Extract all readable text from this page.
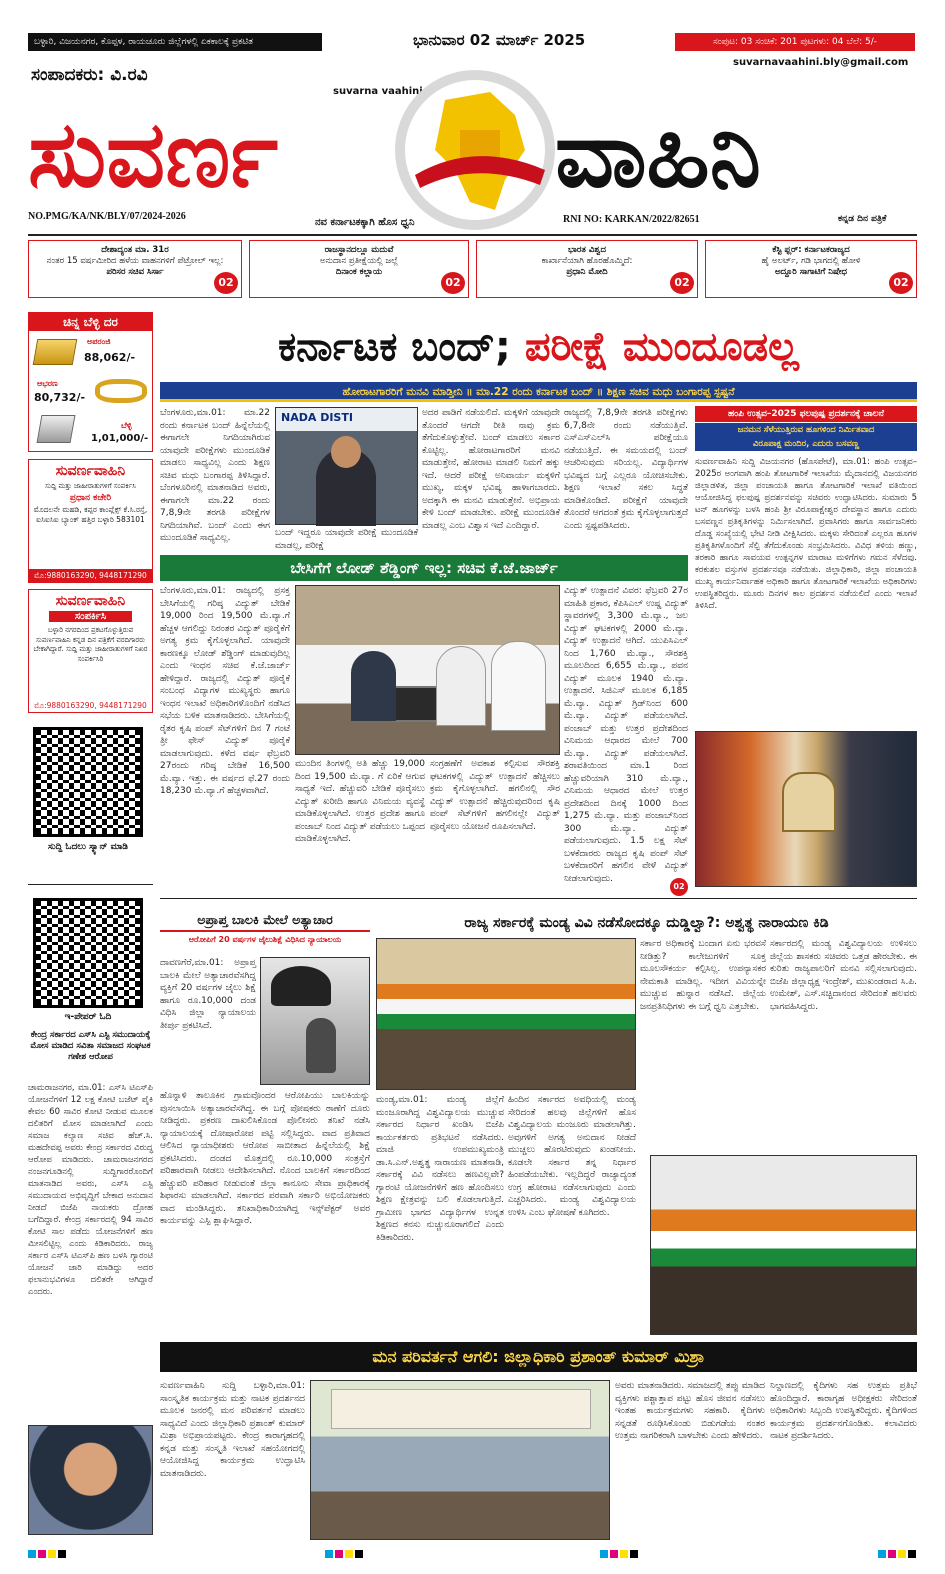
ಬಳ್ಳಾರಿ, ವಿಜಯನಗರ, ಕೊಪ್ಪಳ, ರಾಯಚೂರು ಜಿಲ್ಲೆಗಳಲ್ಲಿ ಏಕಕಾಲಕ್ಕೆ ಪ್ರಕಟಿತ	ಭಾನುವಾರ 02 ಮಾರ್ಚ್ 2025	ಸಂಪುಟ: 03 ಸಂಚಿಕೆ: 201 ಪುಟಗಳು: 04 ಬೆಲೆ: 5/-
suvarnavaahini.bly@gmail.com
ಸಂಪಾದಕರು: ವಿ.ರವಿ
suvarna vaahini
ಸುವರ್ಣ	ವಾಹಿನಿ
NO.PMG/KA/NK/BLY/07/2024-2026
ನವ ಕರ್ನಾಟಕಕ್ಕಾಗಿ ಹೊಸ ಧ್ವನಿ	RNI NO: KARKAN/2022/82651	ಕನ್ನಡ ದಿನ ಪತ್ರಿಕೆ
ದೇಶಾದ್ಯಂತ ಮಾ. 31ರ
ನಂತರ 15 ವರ್ಷಮೀರಿದ ಹಳೆಯ ವಾಹನಗಳಿಗೆ ಪೆಟ್ರೋಲ್ ಇಲ್ಲ:
ಪರಿಸರ ಸಚಿವ ಸಿರ್ಸಾ
02
ರಾಜಸ್ಥಾನದಲ್ಲೂ ಮದುವೆ
ಅನುದಾನ ಪ್ರತೀಕ್ಷೆಯಲ್ಲಿ ಜಲ್ಲೆ
ದಿನಾಂಕ ಕಲ್ಲಾಯ
02
ಭಾರತ ವಿಶ್ವದ
ಕಾರ್ಖಾನೆಯಾಗಿ ಹೊರಹೊಮ್ಮಿದೆ:
ಪ್ರಧಾನಿ ಮೋದಿ
02
ಕೆಸ್ಟಿ ಫ್ಲರ್: ಕರ್ನಾಟಕರಾಜ್ಯದ
ಹೈ ಅಲರ್ಟ್, ಗಡಿ ಭಾಗದಲ್ಲಿ ಹೋಳಿ
ಅದ್ದೂರಿ ಸಾಗಾಟಿಗೆ ನಿಷೇಧ
02
ಚಿನ್ನ ಬೆಳ್ಳಿ ದರ
ಅಪರಂಜಿ
88,062/-
ಆಭರಣ
80,732/-
ಬೆಳ್ಳಿ
1,01,000/-
ಸುವರ್ಣವಾಹಿನಿ
ಸುದ್ದಿ ಮತ್ತು ಜಾಹೀರಾತುಗಳಿಗೆ ಸಂಪರ್ಕಿಸಿ
ಪ್ರಧಾನ ಕಚೇರಿ
ಮೊದಲನೇ ಮಹಡಿ, ಕಪ್ಪರ ಕಾಂಪ್ಲೆಕ್ಸ್ ಕೆ.ಸಿ.ರಸ್ತೆ, ಐಸಿಐಸಿಐ ಬ್ಯಾಂಕ್ ಹತ್ತಿರ ಬಳ್ಳಾರಿ 583101
ಮೊ:9880163290, 9448171290
ಸುವರ್ಣವಾಹಿನಿ
ಸಂಪರ್ಕಿಸಿ
ಬಳ್ಳಾರಿ ನಗರದಿಂದ ಪ್ರಕಟಗೊಳ್ಳುತ್ತಿರುವ ಸುವರ್ಣವಾಹಿನಿ ಕನ್ನಡ ದಿನ ಪತ್ರಿಕೆಗೆ ವರದಿಗಾರರು ಬೇಕಾಗಿದ್ದಾರೆ. ಸುದ್ದಿ ಮತ್ತು ಜಾಹೀರಾತುಗಳಿಗೆ ನಿಖರ ಸಂಪರ್ಕಿಸಿರಿ
ಮೊ:9880163290, 9448171290
ಸುದ್ದಿ ಓದಲು ಸ್ಕ್ಯಾನ್ ಮಾಡಿ
ಇ-ಪೇಪರ್ ಓದಿ
ಕೇಂದ್ರ ಸರ್ಕಾರದ ಎಸ್‌ಸಿ ಎಸ್ಟಿ ಸಮುದಾಯಕ್ಕೆ ಮೋಸ ಮಾಡಿದ ಸವಿತಾ ಸಮಾಜದ ಸಂಘಟಕ ಗಣೇಶ ಆರೋಪ
ಚಾಮರಾಜನಗರ, ಮಾ.01: ಎಸ್‌ಸಿ ಟಿಎಸ್‌ಪಿ ಯೋಜನೆಗಳಿಗೆ 12 ಲಕ್ಷ ಕೋಟಿ ಬಜೆಟ್ ಪೈಕಿ ಕೇವಲ 60 ಸಾವಿರ ಕೋಟಿ ನೀಡುವ ಮೂಲಕ ದಲಿತರಿಗೆ ಮೋಸ ಮಾಡಲಾಗಿದೆ ಎಂದು ಸಮಾಜ ಕಲ್ಯಾಣ ಸಚಿವ ಹೆಚ್.ಸಿ. ಮಹದೇವಪ್ಪ ಅವರು ಕೇಂದ್ರ ಸರ್ಕಾರದ ವಿರುದ್ಧ ಆರೋಪ ಮಾಡಿದರು. ಚಾಮರಾಜನಗರದ ನಂಜನಗೂಡಿನಲ್ಲಿ ಸುದ್ದಿಗಾರರೊಂದಿಗೆ ಮಾತನಾಡಿದ ಅವರು, ಎಸ್‌ಸಿ ಎಸ್ಟಿ ಸಮುದಾಯದ ಅಭಿವೃದ್ಧಿಗೆ ಬೇಕಾದ ಅನುದಾನ ನೀಡದೆ ಬಿಜೆಪಿ ನಾಯಕರು ದ್ರೋಹ ಬಗೆದಿದ್ದಾರೆ. ಕೇಂದ್ರ ಸರ್ಕಾರದಲ್ಲಿ 94 ಸಾವಿರ ಕೋಟಿ ಸಾಲ ಪಡೆದು ಯೋಜನೆಗಳಿಗೆ ಹಣ ಮೀಸಲಿಟ್ಟಿಲ್ಲ ಎಂದು ಕಿಡಿಕಾರಿದರು. ರಾಜ್ಯ ಸರ್ಕಾರ ಎಸ್‌ಸಿ ಟಿಎಸ್‌ಪಿ ಹಣ ಬಳಸಿ ಗ್ಯಾರಂಟಿ ಯೋಜನೆ ಜಾರಿ ಮಾಡಿದ್ದು ಅದರ ಫಲಾನುಭವಿಗಳೂ ದಲಿತರೇ ಆಗಿದ್ದಾರೆ ಎಂದರು.
ಕರ್ನಾಟಕ ಬಂದ್; ಪರೀಕ್ಷೆ ಮುಂದೂಡಲ್ಲ
ಹೋರಾಟಗಾರರಿಗೆ ಮನವಿ ಮಾಡ್ತೀನಿ ॥ ಮಾ.22 ರಂದು ಕರ್ನಾಟಕ ಬಂದ್ ॥ ಶಿಕ್ಷಣ ಸಚಿವ ಮಧು ಬಂಗಾರಪ್ಪ ಸ್ಪಷ್ಟನೆ
ಬೆಂಗಳೂರು,ಮಾ.01: ಮಾ.22 ರಂದು ಕರ್ನಾಟಕ ಬಂದ್ ಹಿನ್ನೆಲೆಯಲ್ಲಿ ಈಗಾಗಲೇ ನಿಗದಿಯಾಗಿರುವ ಯಾವುದೇ ಪರೀಕ್ಷೆಗಳು ಮುಂದೂಡಿಕೆ ಮಾಡಲು ಸಾಧ್ಯವಿಲ್ಲ ಎಂದು ಶಿಕ್ಷಣ ಸಚಿವ ಮಧು ಬಂಗಾರಪ್ಪ ತಿಳಿಸಿದ್ದಾರೆ. ಬೆಂಗಳೂರಿನಲ್ಲಿ ಮಾತನಾಡಿದ ಅವರು, ಈಗಾಗಲೇ ಮಾ.22 ರಂದು 7,8,9ನೇ ತರಗತಿ ಪರೀಕ್ಷೆಗಳ ನಿಗದಿಯಾಗಿವೆ. ಬಂದ್ ಎಂದು ಈಗ ಮುಂದೂಡಿಕೆ ಸಾಧ್ಯವಿಲ್ಲ.
NADA DISTI
ಬಂದ್ ಇದ್ದರೂ ಯಾವುದೇ ಪರೀಕ್ಷೆ ಮುಂದೂಡಿಕೆ ಮಾಡಲ್ಲ, ಪರೀಕ್ಷೆ
ಅದರ ಪಾಡಿಗೆ ನಡೆಯಲಿದೆ. ಮಕ್ಕಳಿಗೆ ಯಾವುದೇ ತೊಂದರೆ ಆಗದೇ ರೀತಿ ನಾವು ಕ್ರಮ ತೆಗೆದುಕೊಳ್ಳುತ್ತೇವೆ. ಬಂದ್ ಮಾಡಲು ಸರ್ಕಾರ ಕೊಟ್ಟಿಲ್ಲ. ಹೋರಾಟಗಾರರಿಗೆ ಮನವಿ ಮಾಡುತ್ತೇನೆ, ಹೋರಾಟ ಮಾಡಲಿ ನಿಮಗೆ ಹಕ್ಕು ಇದೆ. ಆದರೆ ಪರೀಕ್ಷೆ ಅನಿವಾರ್ಯ ಮಕ್ಕಳಿಗೆ ಮುಖ್ಯ, ಮಕ್ಕಳ ಭವಿಷ್ಯ ಹಾಳಾಗಬಾರದು. ಅದಕ್ಕಾಗಿ ಈ ಮನವಿ ಮಾಡುತ್ತೇನೆ. ಅಭಿಪ್ರಾಯ ಕೇಳಿ ಬಂದ್ ಮಾಡಬೇಕು. ಪರೀಕ್ಷೆ ಮುಂದೂಡಿಕೆ ಮಾಡಲ್ಲ ಎಂಬ ವಿಶ್ವಾಸ ಇದೆ ಎಂದಿದ್ದಾರೆ.
ರಾಜ್ಯದಲ್ಲಿ 7,8,9ನೇ ತರಗತಿ ಪರೀಕ್ಷೆಗಳು 6,7,8ನೇ ರಂದು ನಡೆಯುತ್ತಿವೆ. ಎಸ್‌ಎಸ್‌ಎಲ್‌ಸಿ ಪರೀಕ್ಷೆಯೂ ನಡೆಯುತ್ತಿದೆ. ಈ ಸಮಯದಲ್ಲಿ ಬಂದ್ ಆಚರಿಸುವುದು ಸರಿಯಲ್ಲ. ವಿದ್ಯಾರ್ಥಿಗಳ ಭವಿಷ್ಯದ ಬಗ್ಗೆ ಎಲ್ಲರೂ ಯೋಚಿಸಬೇಕು. ಶಿಕ್ಷಣ ಇಲಾಖೆ ಸಕಲ ಸಿದ್ಧತೆ ಮಾಡಿಕೊಂಡಿದೆ. ಪರೀಕ್ಷೆಗೆ ಯಾವುದೇ ತೊಂದರೆ ಆಗದಂತೆ ಕ್ರಮ ಕೈಗೊಳ್ಳಲಾಗುತ್ತದೆ ಎಂದು ಸ್ಪಷ್ಟಪಡಿಸಿದರು.
ಹಂಪಿ ಉತ್ಸವ–2025 ಫಲಪುಷ್ಪ ಪ್ರದರ್ಶನಕ್ಕೆ ಚಾಲನೆ
ಜನಮನ ಸೆಳೆಯುತ್ತಿರುವ ಹೂಗಳಿಂದ ನಿರ್ಮಿತವಾದ
ವಿರೂಪಾಕ್ಷ ಮಂದಿರ, ಎದುರು ಬಸವಣ್ಣ
ಸುವರ್ಣವಾಹಿನಿ ಸುದ್ದಿ ವಿಜಯನಗರ (ಹೊಸಪೇಟೆ), ಮಾ.01: ಹಂಪಿ ಉತ್ಸವ–2025ರ ಅಂಗವಾಗಿ ಹಂಪಿ ತೋಟಗಾರಿಕೆ ಇಲಾಖೆಯ ಮೈದಾನದಲ್ಲಿ ವಿಜಯನಗರ ಜಿಲ್ಲಾಡಳಿತ, ಜಿಲ್ಲಾ ಪಂಚಾಯತಿ ಹಾಗೂ ತೋಟಗಾರಿಕೆ ಇಲಾಖೆ ವತಿಯಿಂದ ಆಯೋಜಿಸಿದ್ದ ಫಲಪುಷ್ಪ ಪ್ರದರ್ಶನವನ್ನು ಸಚಿವರು ಉದ್ಘಾಟಿಸಿದರು. ಸುಮಾರು 5 ಟನ್ ಹೂಗಳನ್ನು ಬಳಸಿ ಹಂಪಿ ಶ್ರೀ ವಿರೂಪಾಕ್ಷೇಶ್ವರ ದೇವಸ್ಥಾನ ಹಾಗೂ ಎದುರು ಬಸವಣ್ಣನ ಪ್ರತಿಕೃತಿಗಳನ್ನು ನಿರ್ಮಿಸಲಾಗಿದೆ. ಪ್ರವಾಸಿಗರು ಹಾಗೂ ಸಾರ್ವಜನಿಕರು ದೊಡ್ಡ ಸಂಖ್ಯೆಯಲ್ಲಿ ಭೇಟಿ ನೀಡಿ ವೀಕ್ಷಿಸಿದರು. ಮಕ್ಕಳು ಸೇರಿದಂತೆ ಎಲ್ಲರೂ ಹೂಗಳ ಪ್ರತಿಕೃತಿಗಳೊಂದಿಗೆ ಸೆಲ್ಫಿ ತೆಗೆದುಕೊಂಡು ಸಂಭ್ರಮಿಸಿದರು. ವಿವಿಧ ತಳಿಯ ಹಣ್ಣು, ತರಕಾರಿ ಹಾಗೂ ಸಾವಯವ ಉತ್ಪನ್ನಗಳ ಮಾರಾಟ ಮಳಿಗೆಗಳು ಗಮನ ಸೆಳೆದವು. ಕರಕುಶಲ ವಸ್ತುಗಳ ಪ್ರದರ್ಶನವೂ ನಡೆಯಿತು. ಜಿಲ್ಲಾಧಿಕಾರಿ, ಜಿಲ್ಲಾ ಪಂಚಾಯತಿ ಮುಖ್ಯ ಕಾರ್ಯನಿರ್ವಾಹಕ ಅಧಿಕಾರಿ ಹಾಗೂ ತೋಟಗಾರಿಕೆ ಇಲಾಖೆಯ ಅಧಿಕಾರಿಗಳು ಉಪಸ್ಥಿತರಿದ್ದರು. ಮೂರು ದಿನಗಳ ಕಾಲ ಪ್ರದರ್ಶನ ನಡೆಯಲಿದೆ ಎಂದು ಇಲಾಖೆ ತಿಳಿಸಿದೆ.
ಬೇಸಿಗೆಗೆ ಲೋಡ್ ಶೆಡ್ಡಿಂಗ್ ಇಲ್ಲ: ಸಚಿವ ಕೆ.ಜೆ.ಜಾರ್ಜ್
ಬೆಂಗಳೂರು,ಮಾ.01: ರಾಜ್ಯದಲ್ಲಿ ಪ್ರಸಕ್ತ ಬೇಸಿಗೆಯಲ್ಲಿ ಗರಿಷ್ಠ ವಿದ್ಯುತ್ ಬೇಡಿಕೆ 19,000 ರಿಂದ 19,500 ಮೆ.ವ್ಯಾ.ಗೆ ಹೆಚ್ಚಳ ಆಗಲಿದ್ದು ನಿರಂತರ ವಿದ್ಯುತ್ ಪೂರೈಕೆಗೆ ಅಗತ್ಯ ಕ್ರಮ ಕೈಗೊಳ್ಳಲಾಗಿದೆ. ಯಾವುದೇ ಕಾರಣಕ್ಕೂ ಲೋಡ್ ಶೆಡ್ಡಿಂಗ್ ಮಾಡುವುದಿಲ್ಲ ಎಂದು ಇಂಧನ ಸಚಿವ ಕೆ.ಜೆ.ಜಾರ್ಜ್ ಹೇಳಿದ್ದಾರೆ. ರಾಜ್ಯದಲ್ಲಿ ವಿದ್ಯುತ್ ಪೂರೈಕೆ ಸಂಬಂಧ ವಿದ್ಯಾಗಳ ಮುಖ್ಯಸ್ಥರು ಹಾಗೂ ಇಂಧನ ಇಲಾಖೆ ಅಧಿಕಾರಿಗಳೊಂದಿಗೆ ನಡೆಸಿದ ಸಭೆಯ ಬಳಿಕ ಮಾತನಾಡಿದರು. ಬೇಸಿಗೆಯಲ್ಲಿ ರೈತರ ಕೃಷಿ ಪಂಪ್ ಸೆಟ್‌ಗಳಿಗೆ ದಿನ 7 ಗಂಟೆ ತ್ರೀ ಫೇಸ್ ವಿದ್ಯುತ್ ಪೂರೈಕೆ ಮಾಡಲಾಗುವುದು. ಕಳೆದ ವರ್ಷ ಫೆಬ್ರವರಿ 27ರಂದು ಗರಿಷ್ಠ ಬೇಡಿಕೆ 16,500 ಮೆ.ವ್ಯಾ. ಇತ್ತು. ಈ ವರ್ಷದ ಫೆ.27 ರಂದು 18,230 ಮೆ.ವ್ಯಾ.ಗೆ ಹೆಚ್ಚಳವಾಗಿದೆ.
ಮುಂದಿನ ತಿಂಗಳಲ್ಲಿ ಅತಿ ಹೆಚ್ಚು 19,000 ದಿಂದ 19,500 ಮೆ.ವ್ಯಾ. ಗೆ ಏರಿಕೆ ಆಗುವ ಸಾಧ್ಯತೆ ಇದೆ. ಹೆಚ್ಚುವರಿ ಬೇಡಿಕೆ ಪೂರೈಸಲು ವಿದ್ಯುತ್ ಖರೀದಿ ಹಾಗೂ ವಿನಿಮಯ ವ್ಯವಸ್ಥೆ ಮಾಡಿಕೊಳ್ಳಲಾಗಿದೆ. ಉತ್ತರ ಪ್ರದೇಶ ಹಾಗೂ ಪಂಜಾಬ್ ನಿಂದ ವಿದ್ಯುತ್ ಪಡೆಯಲು ಒಪ್ಪಂದ ಮಾಡಿಕೊಳ್ಳಲಾಗಿದೆ.
ಸಂಗ್ರಹಣೆಗೆ ಅವಕಾಶ ಕಲ್ಪಿಸುವ ಸೌರಶಕ್ತಿ ಘಟಕಗಳಲ್ಲಿ ವಿದ್ಯುತ್ ಉತ್ಪಾದನೆ ಹೆಚ್ಚಿಸಲು ಕ್ರಮ ಕೈಗೊಳ್ಳಲಾಗಿದೆ. ಹಗಲಿನಲ್ಲಿ ಸೌರ ವಿದ್ಯುತ್ ಉತ್ಪಾದನೆ ಹೆಚ್ಚಿರುವುದರಿಂದ ಕೃಷಿ ಪಂಪ್ ಸೆಟ್‌ಗಳಿಗೆ ಹಗಲಿನಲ್ಲೇ ವಿದ್ಯುತ್ ಪೂರೈಸಲು ಯೋಜನೆ ರೂಪಿಸಲಾಗಿದೆ.
ವಿದ್ಯುತ್ ಉತ್ಪಾದನೆ ವಿವರ: ಫೆಬ್ರವರಿ 27ರ ಮಾಹಿತಿ ಪ್ರಕಾರ, ಕೆಪಿಸಿಎಲ್ ಉಷ್ಣ ವಿದ್ಯುತ್ ಸ್ಥಾವರಗಳಲ್ಲಿ 3,300 ಮೆ.ವ್ಯಾ., ಜಲ ವಿದ್ಯುತ್ ಘಟಕಗಳಲ್ಲಿ 2000 ಮೆ.ವ್ಯಾ. ವಿದ್ಯುತ್ ಉತ್ಪಾದನೆ ಆಗಿದೆ. ಯುಪಿಸಿಎಲ್ ನಿಂದ 1,760 ಮೆ.ವ್ಯಾ., ಸೌರಶಕ್ತಿ ಮೂಲದಿಂದ 6,655 ಮೆ.ವ್ಯಾ., ಪವನ ವಿದ್ಯುತ್ ಮೂಲಕ 1940 ಮೆ.ವ್ಯಾ. ಉತ್ಪಾದನೆ. ಸಿಜಿಎಸ್ ಮೂಲಕ 6,185 ಮೆ.ವ್ಯಾ. ವಿದ್ಯುತ್ ಗ್ರಿಡ್‌ನಿಂದ 600 ಮೆ.ವ್ಯಾ. ವಿದ್ಯುತ್ ಪಡೆಯಲಾಗಿದೆ. ಪಂಜಾಬ್ ಮತ್ತು ಉತ್ತರ ಪ್ರದೇಶದಿಂದ ವಿನಿಮಯ ಆಧಾರದ ಮೇಲೆ 700 ಮೆ.ವ್ಯಾ. ವಿದ್ಯುತ್ ಪಡೆಯಲಾಗಿದೆ. ಶರಾವತಿಯಿಂದ ಮಾ.1 ರಿಂದ ಹೆಚ್ಚುವರಿಯಾಗಿ 310 ಮೆ.ವ್ಯಾ., ವಿನಿಮಯ ಆಧಾರದ ಮೇಲೆ ಉತ್ತರ ಪ್ರದೇಶದಿಂದ ದಿನಕ್ಕೆ 1000 ದಿಂದ 1,275 ಮೆ.ವ್ಯಾ. ಮತ್ತು ಪಂಜಾಬ್‌ನಿಂದ 300 ಮೆ.ವ್ಯಾ. ವಿದ್ಯುತ್ ಪಡೆಯಲಾಗುವುದು. 1.5 ಲಕ್ಷ ಸೆಟ್‌ ಬಳಕೆದಾರರು ರಾಜ್ಯದ ಕೃಷಿ ಪಂಪ್ ಸೆಟ್ ಬಳಕೆದಾರರಿಗೆ ಹಗಲಿನ ವೇಳೆ ವಿದ್ಯುತ್ ನೀಡಲಾಗುವುದು.
02
ಅಪ್ರಾಪ್ತ ಬಾಲಕಿ ಮೇಲೆ ಅತ್ಯಾಚಾರ
ಆರೋಪಿಗೆ 20 ವರ್ಷಗಳ ಜೈಲುಶಿಕ್ಷೆ ವಿಧಿಸಿದ ನ್ಯಾಯಾಲಯ
ದಾವಣಗೆರೆ,ಮಾ.01: ಅಪ್ರಾಪ್ತ ಬಾಲಕಿ ಮೇಲೆ ಅತ್ಯಾಚಾರವೆಸಗಿದ್ದ ವ್ಯಕ್ತಿಗೆ 20 ವರ್ಷಗಳ ಜೈಲು ಶಿಕ್ಷೆ ಹಾಗೂ ರೂ.10,000 ದಂಡ ವಿಧಿಸಿ ಜಿಲ್ಲಾ ನ್ಯಾಯಾಲಯ ತೀರ್ಪು ಪ್ರಕಟಿಸಿದೆ.
ಹೊನ್ನಾಳಿ ತಾಲೂಕಿನ ಗ್ರಾಮವೊಂದರ ಆರೋಪಿಯು ಬಾಲಕಿಯನ್ನು ಪುಸಲಾಯಿಸಿ ಅತ್ಯಾಚಾರವೆಸಗಿದ್ದ. ಈ ಬಗ್ಗೆ ಪೋಷಕರು ಠಾಣೆಗೆ ದೂರು ನೀಡಿದ್ದರು. ಪ್ರಕರಣ ದಾಖಲಿಸಿಕೊಂಡ ಪೊಲೀಸರು ತನಿಖೆ ನಡೆಸಿ ನ್ಯಾಯಾಲಯಕ್ಕೆ ದೋಷಾರೋಪ ಪಟ್ಟಿ ಸಲ್ಲಿಸಿದ್ದರು. ವಾದ ಪ್ರತಿವಾದ ಆಲಿಸಿದ ನ್ಯಾಯಾಧೀಶರು ಆರೋಪ ಸಾಬೀತಾದ ಹಿನ್ನೆಲೆಯಲ್ಲಿ ಶಿಕ್ಷೆ ಪ್ರಕಟಿಸಿದರು. ದಂಡದ ಮೊತ್ತದಲ್ಲಿ ರೂ.10,000 ಸಂತ್ರಸ್ತೆಗೆ ಪರಿಹಾರವಾಗಿ ನೀಡಲು ಆದೇಶಿಸಲಾಗಿದೆ. ನೊಂದ ಬಾಲಕಿಗೆ ಸರ್ಕಾರದಿಂದ ಹೆಚ್ಚುವರಿ ಪರಿಹಾರ ನೀಡುವಂತೆ ಜಿಲ್ಲಾ ಕಾನೂನು ಸೇವಾ ಪ್ರಾಧಿಕಾರಕ್ಕೆ ಶಿಫಾರಸು ಮಾಡಲಾಗಿದೆ. ಸರ್ಕಾರದ ಪರವಾಗಿ ಸರ್ಕಾರಿ ಅಭಿಯೋಜಕರು ವಾದ ಮಂಡಿಸಿದ್ದರು. ತನಿಖಾಧಿಕಾರಿಯಾಗಿದ್ದ ಇನ್ಸ್‌ಪೆಕ್ಟರ್ ಅವರ ಕಾರ್ಯವನ್ನು ಎಸ್ಪಿ ಶ್ಲಾಘಿಸಿದ್ದಾರೆ.
ರಾಜ್ಯ ಸರ್ಕಾರಕ್ಕೆ ಮಂಡ್ಯ ವಿವಿ ನಡೆಸೋದಕ್ಕೂ ದುಡ್ಡಿಲ್ವಾ?: ಅಶ್ವತ್ಥ ನಾರಾಯಣ ಕಿಡಿ
ಮಂಡ್ಯ,ಮಾ.01: ಮಂಡ್ಯ ಜಿಲ್ಲೆಗೆ ಮಂಜೂರಾಗಿದ್ದ ವಿಶ್ವವಿದ್ಯಾಲಯ ಮುಚ್ಚುವ ಸರ್ಕಾರದ ನಿರ್ಧಾರ ಖಂಡಿಸಿ ಬಿಜೆಪಿ ಕಾರ್ಯಕರ್ತರು ಪ್ರತಿಭಟನೆ ನಡೆಸಿದರು. ಮಾಜಿ ಉಪಮುಖ್ಯಮಂತ್ರಿ ಡಾ.ಸಿ.ಎನ್.ಅಶ್ವತ್ಥ ನಾರಾಯಣ ಮಾತನಾಡಿ, ಸರ್ಕಾರಕ್ಕೆ ವಿವಿ ನಡೆಸಲು ಹಣವಿಲ್ಲವೇ? ಗ್ಯಾರಂಟಿ ಯೋಜನೆಗಳಿಗೆ ಹಣ ಹೊಂದಿಸಲು ಶಿಕ್ಷಣ ಕ್ಷೇತ್ರವನ್ನು ಬಲಿ ಕೊಡಲಾಗುತ್ತಿದೆ. ಗ್ರಾಮೀಣ ಭಾಗದ ವಿದ್ಯಾರ್ಥಿಗಳ ಉನ್ನತ ಶಿಕ್ಷಣದ ಕನಸು ನುಚ್ಚುನೂರಾಗಲಿದೆ ಎಂದು ಕಿಡಿಕಾರಿದರು.
ಹಿಂದಿನ ಸರ್ಕಾರದ ಅವಧಿಯಲ್ಲಿ ಮಂಡ್ಯ ಸೇರಿದಂತೆ ಹಲವು ಜಿಲ್ಲೆಗಳಿಗೆ ಹೊಸ ವಿಶ್ವವಿದ್ಯಾಲಯ ಮಂಜೂರು ಮಾಡಲಾಗಿತ್ತು. ಅವುಗಳಿಗೆ ಅಗತ್ಯ ಅನುದಾನ ನೀಡದೆ ಮುಚ್ಚಲು ಹೊರಟಿರುವುದು ಖಂಡನೀಯ. ಕೂಡಲೇ ಸರ್ಕಾರ ತನ್ನ ನಿರ್ಧಾರ ಹಿಂಪಡೆಯಬೇಕು. ಇಲ್ಲದಿದ್ದರೆ ರಾಜ್ಯಾದ್ಯಂತ ಉಗ್ರ ಹೋರಾಟ ನಡೆಸಲಾಗುವುದು ಎಂದು ಎಚ್ಚರಿಸಿದರು. ಮಂಡ್ಯ ವಿಶ್ವವಿದ್ಯಾಲಯ ಉಳಿಸಿ ಎಂಬ ಘೋಷಣೆ ಕೂಗಿದರು.
ಸರ್ಕಾರ ಅಧಿಕಾರಕ್ಕೆ ಬಂದಾಗ ಏನು ಭರವಸೆ ನೀಡಿತ್ತು? ಕಾಲೇಜುಗಳಿಗೆ ಸೂಕ್ತ ಮೂಲಸೌಕರ್ಯ ಕಲ್ಪಿಸಿಲ್ಲ. ಉಪನ್ಯಾಸಕರ ನೇಮಕಾತಿ ಮಾಡಿಲ್ಲ. ಇದೀಗ ವಿವಿಯನ್ನೇ ಮುಚ್ಚುವ ಹುನ್ನಾರ ನಡೆಸಿದೆ. ಜಿಲ್ಲೆಯ ಜನಪ್ರತಿನಿಧಿಗಳು ಈ ಬಗ್ಗೆ ಧ್ವನಿ ಎತ್ತಬೇಕು.
ಸರ್ಕಾರದಲ್ಲಿ ಮಂಡ್ಯ ವಿಶ್ವವಿದ್ಯಾಲಯ ಉಳಿಸಲು ಜಿಲ್ಲೆಯ ಶಾಸಕರು ಸಚಿವರು ಒತ್ತಡ ಹೇರಬೇಕು. ಈ ಕುರಿತು ರಾಜ್ಯಪಾಲರಿಗೆ ಮನವಿ ಸಲ್ಲಿಸಲಾಗುವುದು. ಬಿಜೆಪಿ ಜಿಲ್ಲಾಧ್ಯಕ್ಷ ಇಂದ್ರೇಶ್, ಮುಖಂಡರಾದ ಸಿ.ಪಿ. ಉಮೇಶ್, ಎಸ್.ಸಚ್ಚಿದಾನಂದ ಸೇರಿದಂತೆ ಹಲವರು ಭಾಗವಹಿಸಿದ್ದರು.
ಮನ ಪರಿವರ್ತನೆ ಆಗಲಿ: ಜಿಲ್ಲಾಧಿಕಾರಿ ಪ್ರಶಾಂತ್ ಕುಮಾರ್ ಮಿಶ್ರಾ
ಸುವರ್ಣವಾಹಿನಿ ಸುದ್ದಿ ಬಳ್ಳಾರಿ,ಮಾ.01: ಸಾಂಸ್ಕೃತಿಕ ಕಾರ್ಯಕ್ರಮ ಮತ್ತು ನಾಟಕ ಪ್ರದರ್ಶನದ ಮೂಲಕ ಜನರಲ್ಲಿ ಮನ ಪರಿವರ್ತನೆ ಮಾಡಲು ಸಾಧ್ಯವಿದೆ ಎಂದು ಜಿಲ್ಲಾಧಿಕಾರಿ ಪ್ರಶಾಂತ್ ಕುಮಾರ್ ಮಿಶ್ರಾ ಅಭಿಪ್ರಾಯಪಟ್ಟರು. ಕೇಂದ್ರ ಕಾರಾಗೃಹದಲ್ಲಿ ಕನ್ನಡ ಮತ್ತು ಸಂಸ್ಕೃತಿ ಇಲಾಖೆ ಸಹಯೋಗದಲ್ಲಿ ಆಯೋಜಿಸಿದ್ದ ಕಾರ್ಯಕ್ರಮ ಉದ್ಘಾಟಿಸಿ ಮಾತನಾಡಿದರು.
ಅವರು ಮಾತನಾಡಿದರು. ಸಮಾಜದಲ್ಲಿ ತಪ್ಪು ಮಾಡಿದ ವ್ಯಕ್ತಿಗಳು ಪಶ್ಚಾತ್ತಾಪ ಪಟ್ಟು ಹೊಸ ಜೀವನ ನಡೆಸಲು ಇಂತಹ ಕಾರ್ಯಕ್ರಮಗಳು ಸಹಕಾರಿ. ಕೈದಿಗಳು ಸನ್ನಡತೆ ರೂಢಿಸಿಕೊಂಡು ಬಿಡುಗಡೆಯ ನಂತರ ಉತ್ತಮ ನಾಗರಿಕರಾಗಿ ಬಾಳಬೇಕು ಎಂದು ಹೇಳಿದರು.
ನಿಲ್ದಾಣದಲ್ಲಿ ಕೈದಿಗಳು ಸಹ ಉತ್ತಮ ಪ್ರತಿಭೆ ಹೊಂದಿದ್ದಾರೆ. ಕಾರಾಗೃಹ ಅಧೀಕ್ಷಕರು ಸೇರಿದಂತೆ ಅಧಿಕಾರಿಗಳು ಸಿಬ್ಬಂದಿ ಉಪಸ್ಥಿತರಿದ್ದರು. ಕೈದಿಗಳಿಂದ ಕಾರ್ಯಕ್ರಮ ಪ್ರದರ್ಶನಗೊಂಡಿತು. ಕಲಾವಿದರು ನಾಟಕ ಪ್ರದರ್ಶಿಸಿದರು.
